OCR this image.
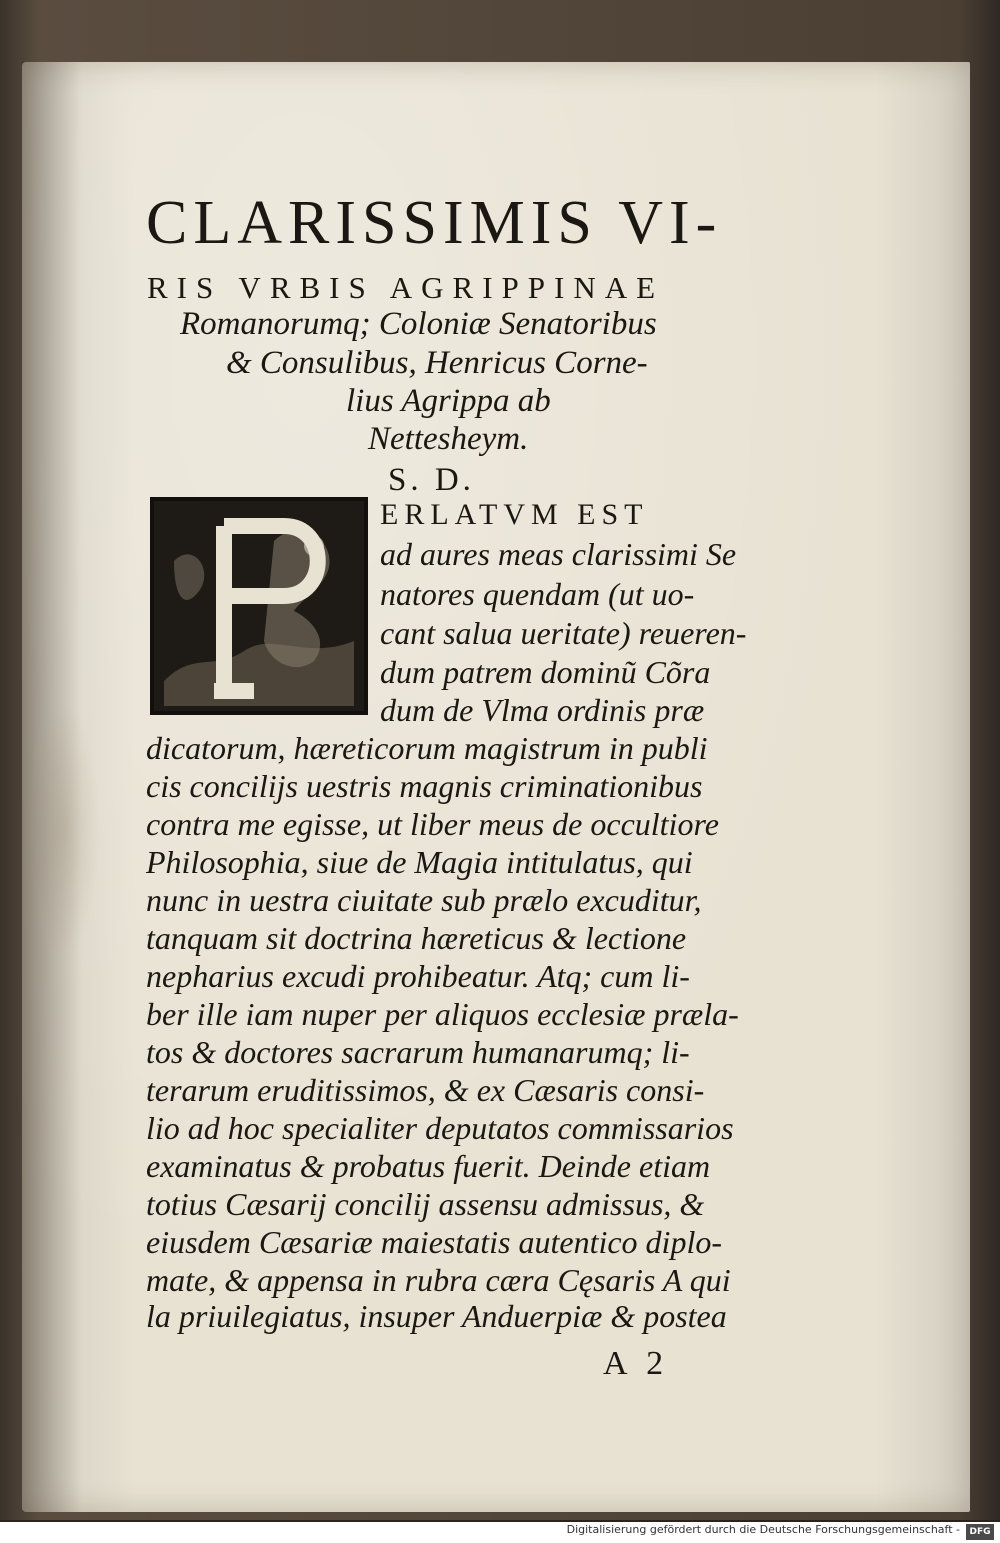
CLARISSIMIS VI-
RIS VRBIS AGRIPPINAE
Romanorumq; Coloniæ Senatoribus
& Consulibus, Henricus Corne-
lius Agrippa ab
Nettesheym.
S. D.
ERLATVM EST
ad aures meas clarissimi Se
natores quendam (ut uo-
cant salua ueritate) reueren-
dum patrem dominũ Cõra
dum de Vlma ordinis præ
dicatorum, hæreticorum magistrum in publi
cis concilijs uestris magnis criminationibus
contra me egisse, ut liber meus de occultiore
Philosophia, siue de Magia intitulatus, qui
nunc in uestra ciuitate sub prælo excuditur,
tanquam sit doctrina hæreticus & lectione
nepharius excudi prohibeatur. Atq; cum li-
ber ille iam nuper per aliquos ecclesiæ præla-
tos & doctores sacrarum humanarumq; li-
terarum eruditissimos, & ex Cæsaris consi-
lio ad hoc specialiter deputatos commissarios
examinatus & probatus fuerit. Deinde etiam
totius Cæsarij concilij assensu admissus, &
eiusdem Cæsariæ maiestatis autentico diplo-
mate, & appensa in rubra cæra Cęsaris A qui
la priuilegiatus, insuper Anduerpiæ & postea
A 2
Digitalisierung gefördert durch die Deutsche Forschungsgemeinschaft -	DFG
